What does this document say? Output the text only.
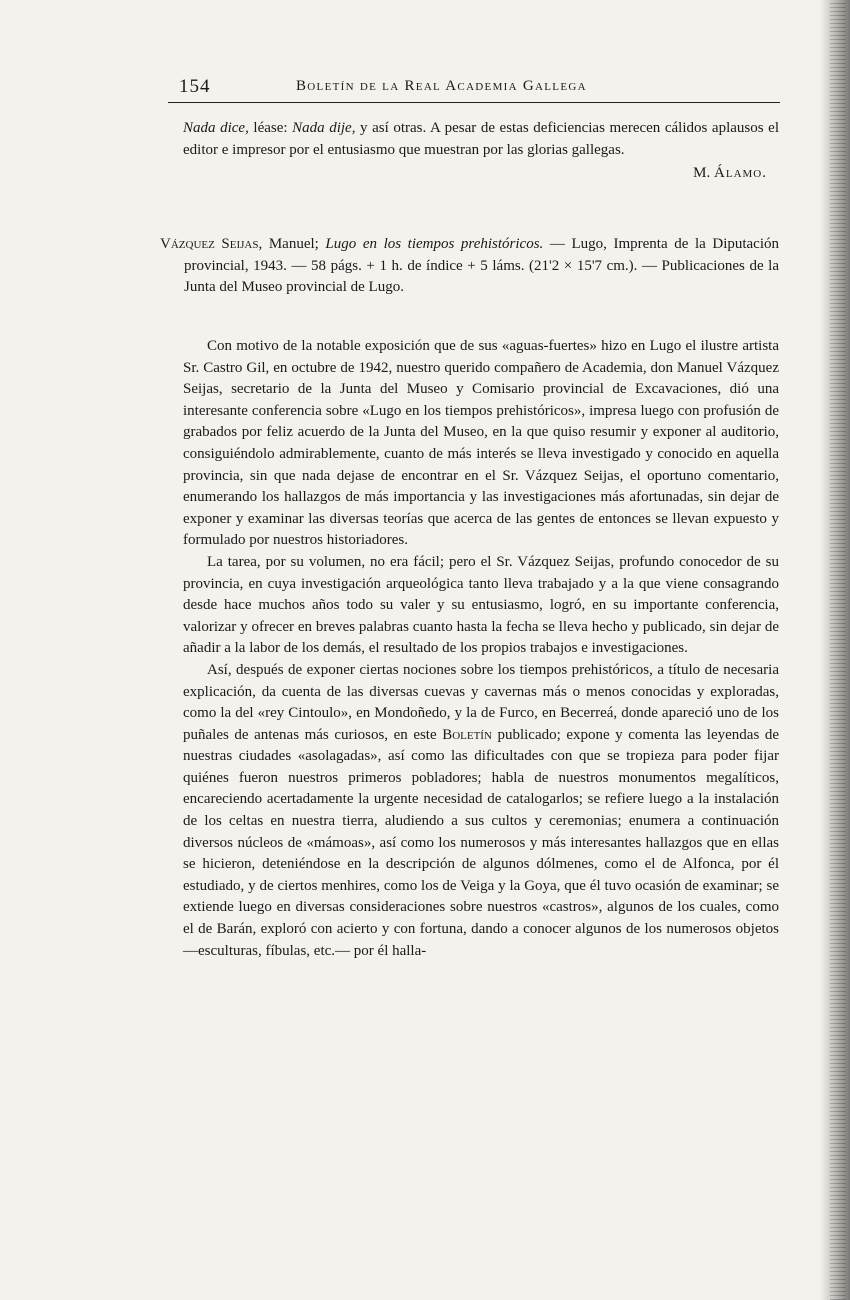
154	Boletín de la Real Academia Gallega

Nada dice, léase: Nada dije, y así otras. A pesar de estas deficiencias merecen cálidos aplausos el editor e impresor por el entusiasmo que muestran por las glorias gallegas.

M. Álamo.

Vázquez Seijas, Manuel; Lugo en los tiempos prehistóricos. — Lugo, Imprenta de la Diputación provincial, 1943. — 58 págs. + 1 h. de índice + 5 láms. (21'2 × 15'7 cm.). — Publicaciones de la Junta del Museo provincial de Lugo.

Con motivo de la notable exposición que de sus «aguas-fuertes» hizo en Lugo el ilustre artista Sr. Castro Gil, en octubre de 1942, nuestro querido compañero de Academia, don Manuel Vázquez Seijas, secretario de la Junta del Museo y Comisario provincial de Excavaciones, dió una interesante conferencia sobre «Lugo en los tiempos prehistóricos», impresa luego con profusión de grabados por feliz acuerdo de la Junta del Museo, en la que quiso resumir y exponer al auditorio, consiguiéndolo admirablemente, cuanto de más interés se lleva investigado y conocido en aquella provincia, sin que nada dejase de encontrar en el Sr. Vázquez Seijas, el oportuno comentario, enumerando los hallazgos de más importancia y las investigaciones más afortunadas, sin dejar de exponer y examinar las diversas teorías que acerca de las gentes de entonces se llevan expuesto y formulado por nuestros historiadores.

La tarea, por su volumen, no era fácil; pero el Sr. Vázquez Seijas, profundo conocedor de su provincia, en cuya investigación arqueológica tanto lleva trabajado y a la que viene consagrando desde hace muchos años todo su valer y su entusiasmo, logró, en su importante conferencia, valorizar y ofrecer en breves palabras cuanto hasta la fecha se lleva hecho y publicado, sin dejar de añadir a la labor de los demás, el resultado de los propios trabajos e investigaciones.

Así, después de exponer ciertas nociones sobre los tiempos prehistóricos, a título de necesaria explicación, da cuenta de las diversas cuevas y cavernas más o menos conocidas y exploradas, como la del «rey Cintoulo», en Mondoñedo, y la de Furco, en Becerreá, donde apareció uno de los puñales de antenas más curiosos, en este Boletín publicado; expone y comenta las leyendas de nuestras ciudades «asolagadas», así como las dificultades con que se tropieza para poder fijar quiénes fueron nuestros primeros pobladores; habla de nuestros monumentos megalíticos, encareciendo acertadamente la urgente necesidad de catalogarlos; se refiere luego a la instalación de los celtas en nuestra tierra, aludiendo a sus cultos y ceremonias; enumera a continuación diversos núcleos de «mámoas», así como los numerosos y más interesantes hallazgos que en ellas se hicieron, deteniéndose en la descripción de algunos dólmenes, como el de Alfonca, por él estudiado, y de ciertos menhires, como los de Veiga y la Goya, que él tuvo ocasión de examinar; se extiende luego en diversas consideraciones sobre nuestros «castros», algunos de los cuales, como el de Barán, exploró con acierto y con fortuna, dando a conocer algunos de los numerosos objetos —esculturas, fíbulas, etc.— por él halla-
